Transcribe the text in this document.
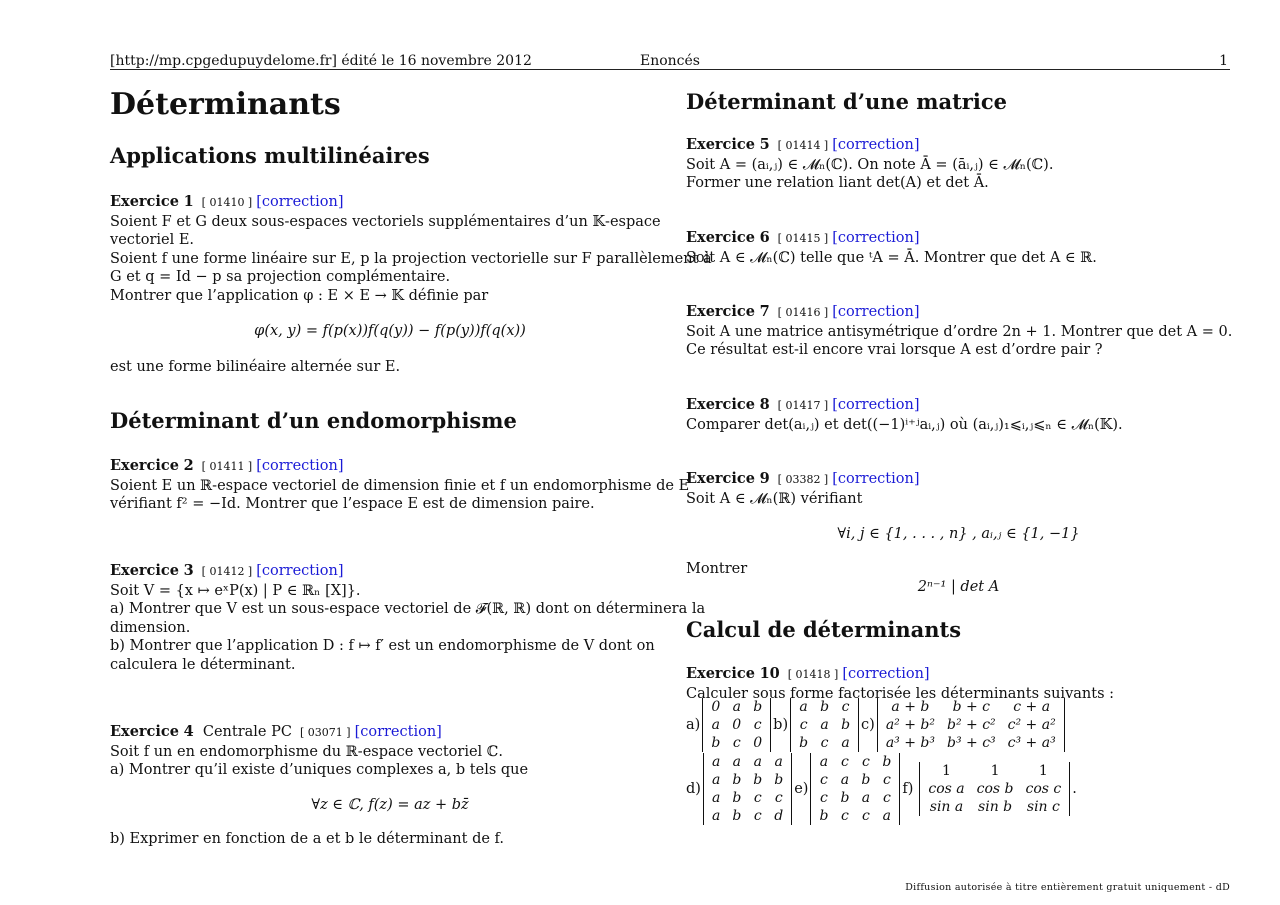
[http://mp.cpgedupuydelome.fr] édité le 16 novembre 2012	Enoncés	1
Déterminants
Applications multilinéaires
Exercice 1 [ 01410 ] [correction]
Soient F et G deux sous-espaces vectoriels supplémentaires d’un 𝕂-espace
vectoriel E.
Soient f une forme linéaire sur E, p la projection vectorielle sur F parallèlement à
G et q = Id − p sa projection complémentaire.
Montrer que l’application φ : E × E → 𝕂 définie par
φ(x, y) = f(p(x))f(q(y)) − f(p(y))f(q(x))
est une forme bilinéaire alternée sur E.
Déterminant d’un endomorphisme
Exercice 2 [ 01411 ] [correction]
Soient E un ℝ-espace vectoriel de dimension finie et f un endomorphisme de E
vérifiant f² = −Id. Montrer que l’espace E est de dimension paire.
Exercice 3 [ 01412 ] [correction]
Soit V = {x ↦ eˣP(x) | P ∈ ℝₙ [X]}.
a) Montrer que V est un sous-espace vectoriel de 𝓕(ℝ, ℝ) dont on déterminera la
dimension.
b) Montrer que l’application D : f ↦ f′ est un endomorphisme de V dont on
calculera le déterminant.
Exercice 4 Centrale PC [ 03071 ] [correction]
Soit f un en endomorphisme du ℝ-espace vectoriel ℂ.
a) Montrer qu’il existe d’uniques complexes a, b tels que
∀z ∈ ℂ, f(z) = az + bz̄
b) Exprimer en fonction de a et b le déterminant de f.
Déterminant d’une matrice
Exercice 5 [ 01414 ] [correction]
Soit A = (aᵢ,ⱼ) ∈ 𝓜ₙ(ℂ). On note Ā = (āᵢ,ⱼ) ∈ 𝓜ₙ(ℂ).
Former une relation liant det(A) et det Ā.
Exercice 6 [ 01415 ] [correction]
Soit A ∈ 𝓜ₙ(ℂ) telle que ᵗA = Ā. Montrer que det A ∈ ℝ.
Exercice 7 [ 01416 ] [correction]
Soit A une matrice antisymétrique d’ordre 2n + 1. Montrer que det A = 0.
Ce résultat est-il encore vrai lorsque A est d’ordre pair ?
Exercice 8 [ 01417 ] [correction]
Comparer det(aᵢ,ⱼ) et det((−1)ⁱ⁺ʲaᵢ,ⱼ) où (aᵢ,ⱼ)₁⩽ᵢ,ⱼ⩽ₙ ∈ 𝓜ₙ(𝕂).
Exercice 9 [ 03382 ] [correction]
Soit A ∈ 𝓜ₙ(ℝ) vérifiant
∀i, j ∈ {1, . . . , n} , aᵢ,ⱼ ∈ {1, −1}
Montrer
2ⁿ⁻¹ | det A
Calcul de déterminants
Exercice 10 [ 01418 ] [correction]
Calculer sous forme factorisée les déterminants suivants :
a)
0	a	b
a	0	c
b	c	0
b)
a	b	c
c	a	b
b	c	a
c)
a + b	b + c	c + a
a² + b²	b² + c²	c² + a²
a³ + b³	b³ + c³	c³ + a³
d)
a	a	a	a
a	b	b	b
a	b	c	c
a	b	c	d
e)
a	c	c	b
c	a	b	c
c	b	a	c
b	c	c	a
f)
1	1	1
cos a	cos b	cos c
sin a	sin b	sin c
.
Diffusion autorisée à titre entièrement gratuit uniquement - dD
